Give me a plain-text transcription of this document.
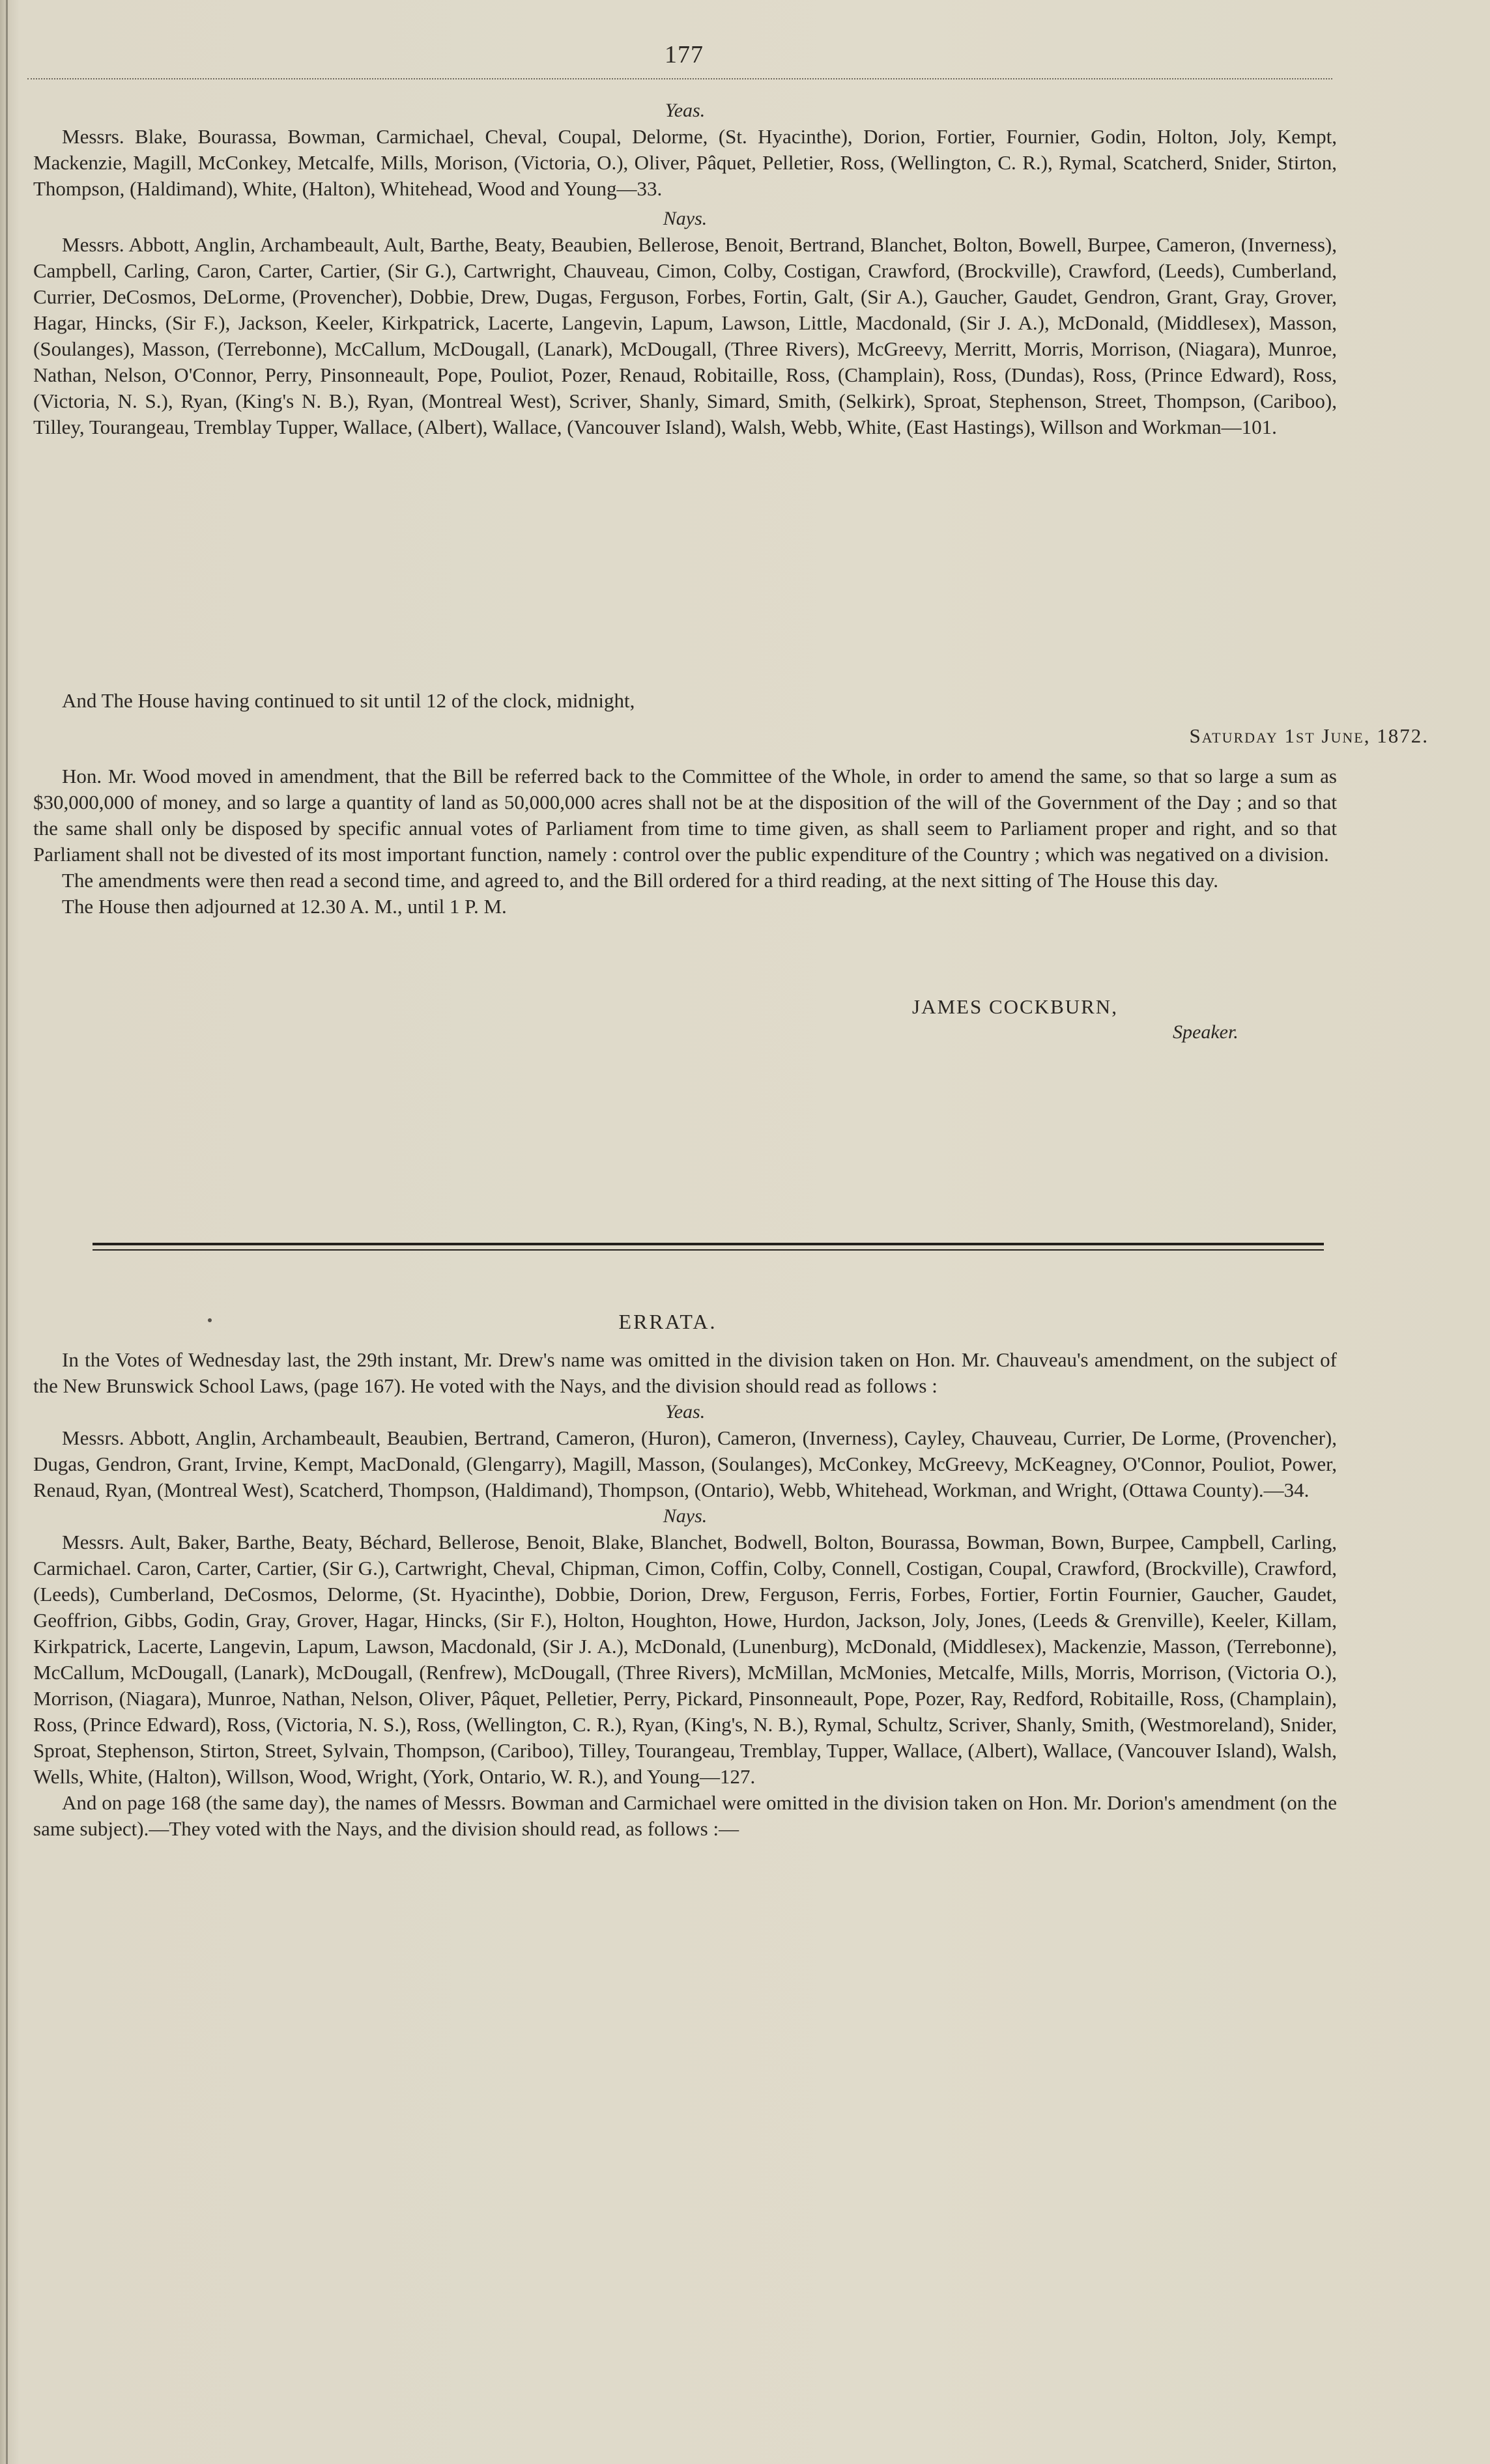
177

Yeas.

Messrs. Blake, Bourassa, Bowman, Carmichael, Cheval, Coupal, Delorme, (St. Hyacinthe), Dorion, Fortier, Fournier, Godin, Holton, Joly, Kempt, Mackenzie, Magill, McConkey, Metcalfe, Mills, Morison, (Victoria, O.), Oliver, Pâquet, Pelletier, Ross, (Wellington, C. R.), Rymal, Scatcherd, Snider, Stirton, Thompson, (Haldimand), White, (Halton), Whitehead, Wood and Young—33.

Nays.

Messrs. Abbott, Anglin, Archambeault, Ault, Barthe, Beaty, Beaubien, Bellerose, Benoit, Bertrand, Blanchet, Bolton, Bowell, Burpee, Cameron, (Inverness), Campbell, Carling, Caron, Carter, Cartier, (Sir G.), Cartwright, Chauveau, Cimon, Colby, Costigan, Crawford, (Brockville), Crawford, (Leeds), Cumberland, Currier, DeCosmos, DeLorme, (Provencher), Dobbie, Drew, Dugas, Ferguson, Forbes, Fortin, Galt, (Sir A.), Gaucher, Gaudet, Gendron, Grant, Gray, Grover, Hagar, Hincks, (Sir F.), Jackson, Keeler, Kirkpatrick, Lacerte, Langevin, Lapum, Lawson, Little, Macdonald, (Sir J. A.), McDonald, (Middlesex), Masson, (Soulanges), Masson, (Terrebonne), McCallum, McDougall, (Lanark), McDougall, (Three Rivers), McGreevy, Merritt, Morris, Morrison, (Niagara), Munroe, Nathan, Nelson, O'Connor, Perry, Pinsonneault, Pope, Pouliot, Pozer, Renaud, Robitaille, Ross, (Champlain), Ross, (Dundas), Ross, (Prince Edward), Ross, (Victoria, N. S.), Ryan, (King's N. B.), Ryan, (Montreal West), Scriver, Shanly, Simard, Smith, (Selkirk), Sproat, Stephenson, Street, Thompson, (Cariboo), Tilley, Tourangeau, Tremblay Tupper, Wallace, (Albert), Wallace, (Vancouver Island), Walsh, Webb, White, (East Hastings), Willson and Workman—101.

And The House having continued to sit until 12 of the clock, midnight,

Saturday 1st June, 1872.

Hon. Mr. Wood moved in amendment, that the Bill be referred back to the Committee of the Whole, in order to amend the same, so that so large a sum as $30,000,000 of money, and so large a quantity of land as 50,000,000 acres shall not be at the disposition of the will of the Government of the Day ; and so that the same shall only be disposed by specific annual votes of Parliament from time to time given, as shall seem to Parliament proper and right, and so that Parliament shall not be divested of its most important function, namely : control over the public expenditure of the Country ; which was negatived on a division.

The amendments were then read a second time, and agreed to, and the Bill ordered for a third reading, at the next sitting of The House this day.

The House then adjourned at 12.30 A. M., until 1 P. M.

JAMES COCKBURN,
Speaker.
ERRATA.

In the Votes of Wednesday last, the 29th instant, Mr. Drew's name was omitted in the division taken on Hon. Mr. Chauveau's amendment, on the subject of the New Brunswick School Laws, (page 167). He voted with the Nays, and the division should read as follows :

Yeas.

Messrs. Abbott, Anglin, Archambeault, Beaubien, Bertrand, Cameron, (Huron), Cameron, (Inverness), Cayley, Chauveau, Currier, De Lorme, (Provencher), Dugas, Gendron, Grant, Irvine, Kempt, MacDonald, (Glengarry), Magill, Masson, (Soulanges), McConkey, McGreevy, McKeagney, O'Connor, Pouliot, Power, Renaud, Ryan, (Montreal West), Scatcherd, Thompson, (Haldimand), Thompson, (Ontario), Webb, Whitehead, Workman, and Wright, (Ottawa County).—34.

Nays.

Messrs. Ault, Baker, Barthe, Beaty, Béchard, Bellerose, Benoit, Blake, Blanchet, Bodwell, Bolton, Bourassa, Bowman, Bown, Burpee, Campbell, Carling, Carmichael. Caron, Carter, Cartier, (Sir G.), Cartwright, Cheval, Chipman, Cimon, Coffin, Colby, Connell, Costigan, Coupal, Crawford, (Brockville), Crawford, (Leeds), Cumberland, DeCosmos, Delorme, (St. Hyacinthe), Dobbie, Dorion, Drew, Ferguson, Ferris, Forbes, Fortier, Fortin Fournier, Gaucher, Gaudet, Geoffrion, Gibbs, Godin, Gray, Grover, Hagar, Hincks, (Sir F.), Holton, Houghton, Howe, Hurdon, Jackson, Joly, Jones, (Leeds & Grenville), Keeler, Killam, Kirkpatrick, Lacerte, Langevin, Lapum, Lawson, Macdonald, (Sir J. A.), McDonald, (Lunenburg), McDonald, (Middlesex), Mackenzie, Masson, (Terrebonne), McCallum, McDougall, (Lanark), McDougall, (Renfrew), McDougall, (Three Rivers), McMillan, McMonies, Metcalfe, Mills, Morris, Morrison, (Victoria O.), Morrison, (Niagara), Munroe, Nathan, Nelson, Oliver, Pâquet, Pelletier, Perry, Pickard, Pinsonneault, Pope, Pozer, Ray, Redford, Robitaille, Ross, (Champlain), Ross, (Prince Edward), Ross, (Victoria, N. S.), Ross, (Wellington, C. R.), Ryan, (King's, N. B.), Rymal, Schultz, Scriver, Shanly, Smith, (Westmoreland), Snider, Sproat, Stephenson, Stirton, Street, Sylvain, Thompson, (Cariboo), Tilley, Tourangeau, Tremblay, Tupper, Wallace, (Albert), Wallace, (Vancouver Island), Walsh, Wells, White, (Halton), Willson, Wood, Wright, (York, Ontario, W. R.), and Young—127.

And on page 168 (the same day), the names of Messrs. Bowman and Carmichael were omitted in the division taken on Hon. Mr. Dorion's amendment (on the same subject).—They voted with the Nays, and the division should read, as follows :—
